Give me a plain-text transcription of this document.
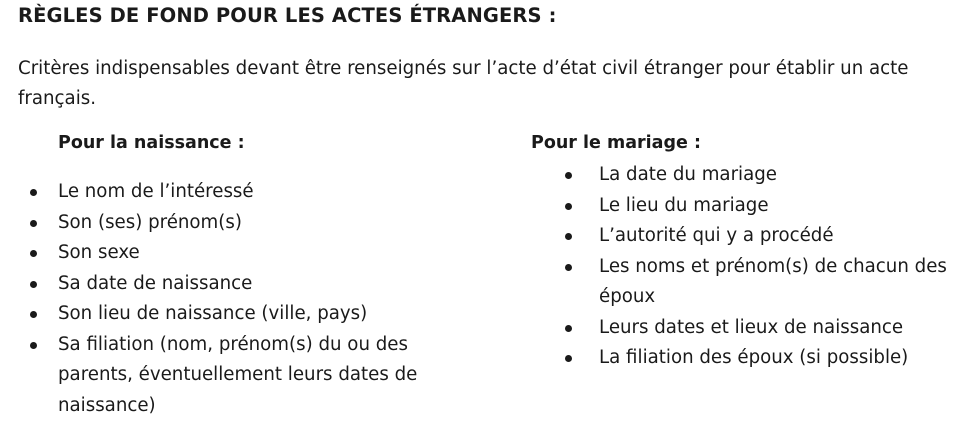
RÈGLES DE FOND POUR LES ACTES ÉTRANGERS :

Critères indispensables devant être renseignés sur l’acte d’état civil étranger pour établir un acte français.

Pour la naissance :

Le nom de l’intéressé
Son (ses) prénom(s)
Son sexe
Sa date de naissance
Son lieu de naissance (ville, pays)
Sa filiation (nom, prénom(s) du ou des parents, éventuellement leurs dates de naissance)

Pour le mariage :

La date du mariage
Le lieu du mariage
L’autorité qui y a procédé
Les noms et prénom(s) de chacun des époux
Leurs dates et lieux de naissance
La filiation des époux (si possible)
